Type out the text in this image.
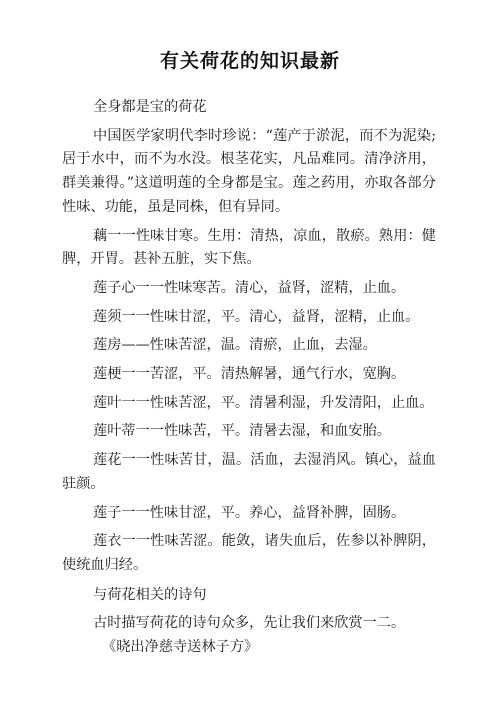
有关荷花的知识最新

全身都是宝的荷花

中国医学家明代李时珍说：“莲产于淤泥，而不为泥染;居于水中，而不为水没。根茎花实，凡品难同。清净济用，群美兼得。”这道明莲的全身都是宝。莲之药用，亦取各部分性味、功能，虽是同株，但有异同。

藕一一性味甘寒。生用：清热，凉血，散瘀。熟用：健脾，开胃。甚补五脏，实下焦。

莲子心一一性味寒苦。清心，益肾，涩精，止血。

莲须一一性味甘涩，平。清心，益肾，涩精，止血。

莲房——性味苦涩，温。清瘀，止血，去湿。

莲梗一一苦涩，平。清热解暑，通气行水，宽胸。

莲叶一一性味苦涩，平。清暑利湿，升发清阳，止血。

莲叶蒂一一性味苦，平。清暑去湿，和血安胎。

莲花一一性味苦甘，温。活血，去湿消风。镇心，益血驻颜。

莲子一一性味甘涩，平。养心，益肾补脾，固肠。

莲衣一一性味苦涩。能敛，诸失血后，佐参以补脾阴，使统血归经。

与荷花相关的诗句

古时描写荷花的诗句众多，先让我们来欣赏一二。

《晓出净慈寺送林子方》
